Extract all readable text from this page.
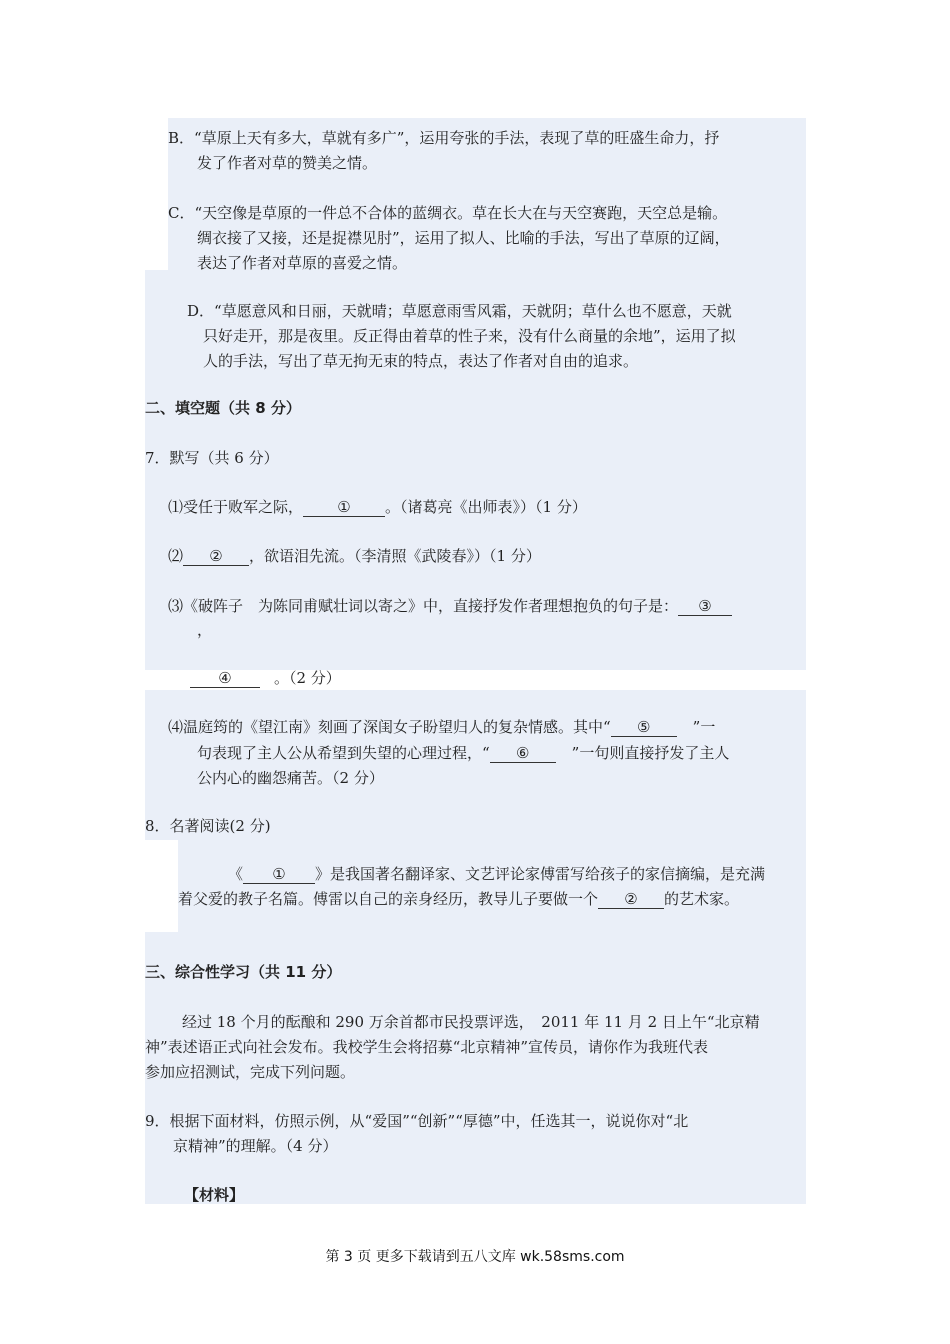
B．“草原上天有多大，草就有多广”，运用夸张的手法，表现了草的旺盛生命力，抒
发了作者对草的赞美之情。
C．“天空像是草原的一件总不合体的蓝绸衣。草在长大在与天空赛跑，天空总是输。
绸衣接了又接，还是捉襟见肘”，运用了拟人、比喻的手法，写出了草原的辽阔，
表达了作者对草原的喜爱之情。
D．“草愿意风和日丽，天就晴；草愿意雨雪风霜，天就阴；草什么也不愿意，天就
只好走开，那是夜里。反正得由着草的性子来，没有什么商量的余地”，运用了拟
人的手法，写出了草无拘无束的特点，表达了作者对自由的追求。
二、填空题（共 8 分）
7．默写（共 6 分）
⑴受任于败军之际， ① 。（诸葛亮《出师表》）（1 分）
⑵ ② ，欲语泪先流。（李清照《武陵春》）（1 分）
⑶《破阵子　为陈同甫赋壮词以寄之》中，直接抒发作者理想抱负的句子是： ③
，
④	。（2 分）
⑷温庭筠的《望江南》刻画了深闺女子盼望归人的复杂情感。其中“ ⑤	”一
句表现了主人公从希望到失望的心理过程，“ ⑥	”一句则直接抒发了主人
公内心的幽怨痛苦。（2 分）
8．名著阅读(2 分)
《 ① 》是我国著名翻译家、文艺评论家傅雷写给孩子的家信摘编，是充满
着父爱的教子名篇。傅雷以自己的亲身经历，教导儿子要做一个 ② 的艺术家。
三、综合性学习（共 11 分）
经过 18 个月的酝酿和 290 万余首都市民投票评选，　2011 年 11 月 2 日上午“北京精
神”表述语正式向社会发布。我校学生会将招募“北京精神”宣传员，请你作为我班代表
参加应招测试，完成下列问题。
9．根据下面材料，仿照示例，从“爱国”“创新”“厚德”中，任选其一，说说你对“北
京精神”的理解。（4 分）
【材料】
第 3 页 更多下载请到五八文库 wk.58sms.com
